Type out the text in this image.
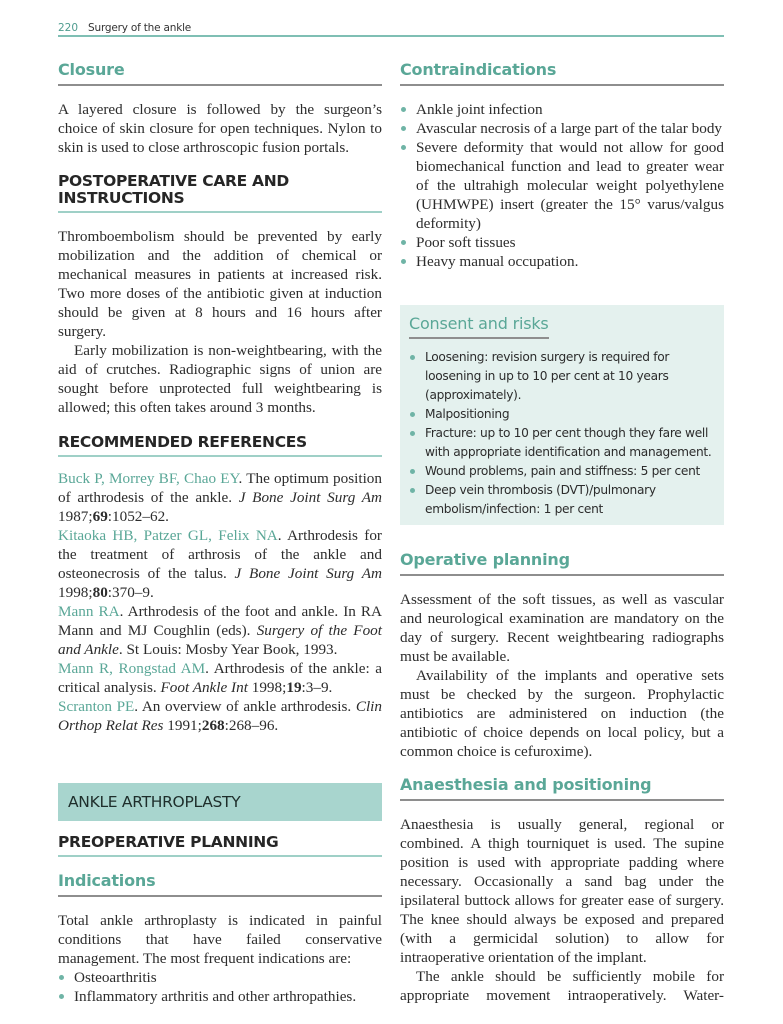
220 Surgery of the ankle
Closure

A layered closure is followed by the surgeon’s choice of skin closure for open techniques. Nylon to skin is used to close arthroscopic fusion portals.

POSTOPERATIVE CARE AND
INSTRUCTIONS

Thromboembolism should be prevented by early mobilization and the addition of chemical or mechanical measures in patients at increased risk. Two more doses of the antibiotic given at induction should be given at 8 hours and 16 hours after surgery.

Early mobilization is non-weightbearing, with the aid of crutches. Radiographic signs of union are sought before unprotected full weightbearing is allowed; this often takes around 3 months.

RECOMMENDED REFERENCES
Buck P, Morrey BF, Chao EY. The optimum position of arthrodesis of the ankle. J Bone Joint Surg Am 1987;69:1052–62.
Kitaoka HB, Patzer GL, Felix NA. Arthrodesis for the treatment of arthrosis of the ankle and osteonecrosis of the talus. J Bone Joint Surg Am 1998;80:370–9.
Mann RA. Arthrodesis of the foot and ankle. In RA Mann and MJ Coughlin (eds). Surgery of the Foot and Ankle. St Louis: Mosby Year Book, 1993.
Mann R, Rongstad AM. Arthrodesis of the ankle: a critical analysis. Foot Ankle Int 1998;19:3–9.
Scranton PE. An overview of ankle arthrodesis. Clin Orthop Relat Res 1991;268:268–96.
ANKLE ARTHROPLASTY
PREOPERATIVE PLANNING
Indications

Total ankle arthroplasty is indicated in painful conditions that have failed conservative management. The most frequent indications are:

Osteoarthritis
Inflammatory arthritis and other arthropathies.
Contraindications
Ankle joint infection
Avascular necrosis of a large part of the talar body
Severe deformity that would not allow for good biomechanical function and lead to greater wear of the ultrahigh molecular weight polyethylene (UHMWPE) insert (greater the 15° varus/valgus deformity)
Poor soft tissues
Heavy manual occupation.
Consent and risks
Loosening: revision surgery is required for loosening in up to 10 per cent at 10 years (approximately).
Malpositioning
Fracture: up to 10 per cent though they fare well with appropriate identification and management.
Wound problems, pain and stiffness: 5 per cent
Deep vein thrombosis (DVT)/pulmonary embolism/infection: 1 per cent
Operative planning

Assessment of the soft tissues, as well as vascular and neurological examination are mandatory on the day of surgery. Recent weightbearing radiographs must be available.

Availability of the implants and operative sets must be checked by the surgeon. Prophylactic antibiotics are administered on induction (the antibiotic of choice depends on local policy, but a common choice is cefuroxime).

Anaesthesia and positioning

Anaesthesia is usually general, regional or combined. A thigh tourniquet is used. The supine position is used with appropriate padding where necessary. Occasionally a sand bag under the ipsilateral buttock allows for greater ease of surgery. The knee should always be exposed and prepared (with a germicidal solution) to allow for intraoperative orientation of the implant.

The ankle should be sufficiently mobile for appropriate movement intraoperatively. Water-
